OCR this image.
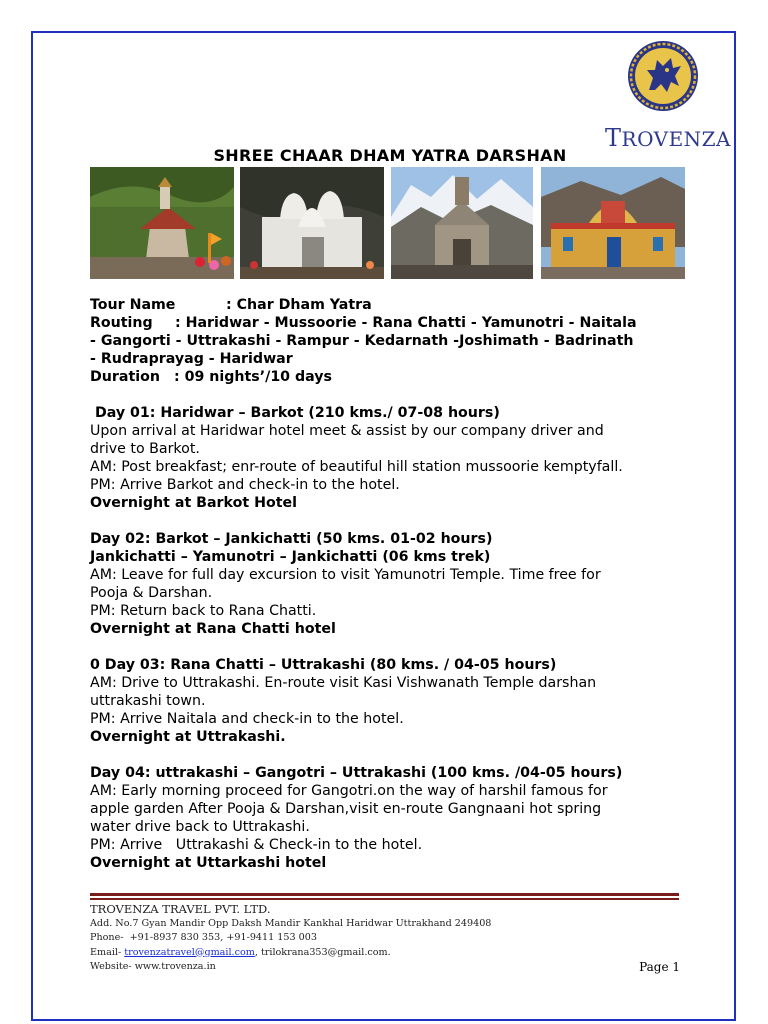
TROVENZA
SHREE CHAAR DHAM YATRA DARSHAN

Tour Name	: Char Dham Yatra

Routing : Haridwar - Mussoorie - Rana Chatti - Yamunotri - Naitala

- Gangorti - Uttrakashi - Rampur - Kedarnath -Joshimath - Badrinath

- Rudraprayag - Haridwar

Duration : 09 nights’/10 days

Day 01: Haridwar – Barkot (210 kms./ 07-08 hours)

Upon arrival at Haridwar hotel meet & assist by our company driver and

drive to Barkot.

AM: Post breakfast; enr-route of beautiful hill station mussoorie kemptyfall.

PM: Arrive Barkot and check-in to the hotel.

Overnight at Barkot Hotel

Day 02: Barkot – Jankichatti (50 kms. 01-02 hours)

Jankichatti – Yamunotri – Jankichatti (06 kms trek)

AM: Leave for full day excursion to visit Yamunotri Temple. Time free for

Pooja & Darshan.

PM: Return back to Rana Chatti.

Overnight at Rana Chatti hotel

0 Day 03: Rana Chatti – Uttrakashi (80 kms. / 04-05 hours)

AM: Drive to Uttrakashi. En-route visit Kasi Vishwanath Temple darshan

uttrakashi town.

PM: Arrive Naitala and check-in to the hotel.

Overnight at Uttrakashi.

Day 04: uttrakashi – Gangotri – Uttrakashi (100 kms. /04-05 hours)

AM: Early morning proceed for Gangotri.on the way of harshil famous for

apple garden After Pooja & Darshan,visit en-route Gangnaani hot spring

water drive back to Uttrakashi.

PM: Arrive   Uttrakashi & Check-in to the hotel.

Overnight at Uttarkashi hotel

TROVENZA TRAVEL PVT. LTD.
Add. No.7 Gyan Mandir Opp Daksh Mandir Kankhal Haridwar Uttrakhand 249408
Phone-  +91-8937 830 353, +91-9411 153 003
Email- trovenzatravel@gmail.com, trilokrana353@gmail.com.
Website- www.trovenza.in	Page 1
